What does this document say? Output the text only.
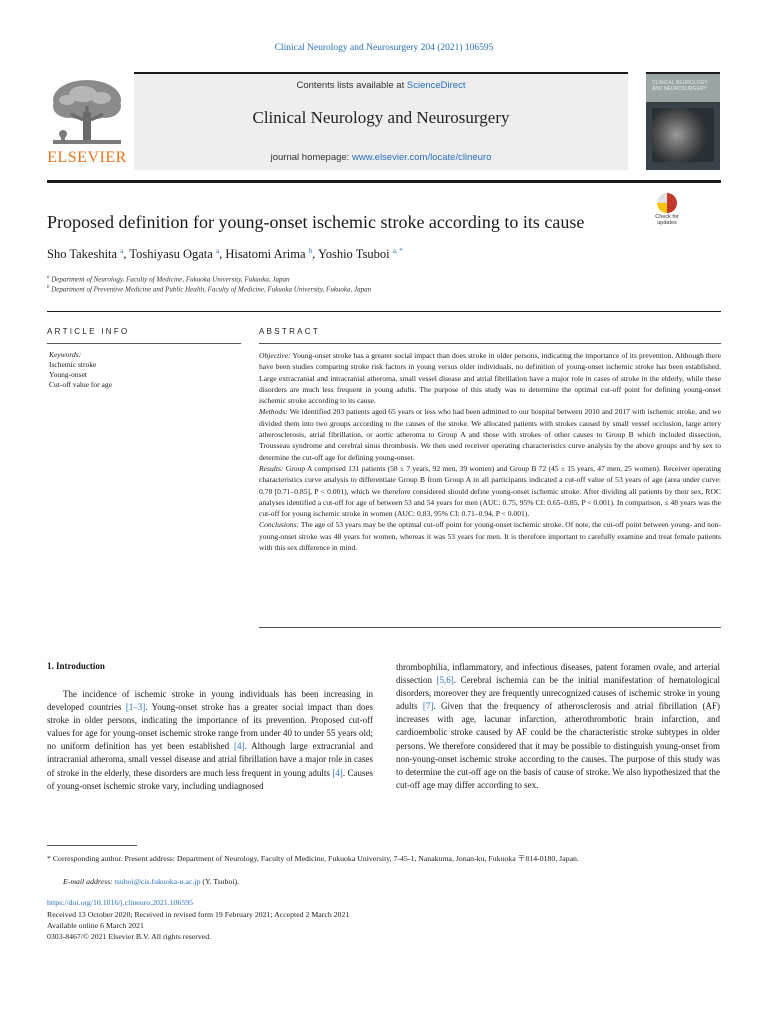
Clinical Neurology and Neurosurgery 204 (2021) 106595
ELSEVIER
Contents lists available at ScienceDirect
Clinical Neurology and Neurosurgery
journal homepage: www.elsevier.com/locate/clineuro
CLINICAL NEUROLOGY AND NEUROSURGERY
Proposed definition for young-onset ischemic stroke according to its cause	Check for updates
Sho Takeshita $^a$, Toshiyasu Ogata $^a$, Hisatomi Arima $^b$, Yoshio Tsuboi $^{a, *}$
$^a$ Department of Neurology, Faculty of Medicine, Fukuoka University, Fukuoka, Japan
$^b$ Department of Preventive Medicine and Public Health, Faculty of Medicine, Fukuoka University, Fukuoka, Japan
ARTICLE INFO
Keywords:
Ischemic stroke
Young-onset
Cut-off value for age
ABSTRACT

Objective: Young-onset stroke has a greater social impact than does stroke in older persons, indicating the importance of its prevention. Although there have been studies comparing stroke risk factors in young versus older individuals, no definition of young-onset ischemic stroke has been established. Large extracranial and intracranial atheroma, small vessel disease and atrial fibrillation have a major role in cases of stroke in the elderly, while these disorders are much less frequent in young adults. The purpose of this study was to determine the optimal cut-off point for defining young-onset ischemic stroke according to its cause.

Methods: We identified 203 patients aged 65 years or less who had been admitted to our hospital between 2010 and 2017 with ischemic stroke, and we divided them into two groups according to the causes of the stroke. We allocated patients with strokes caused by small vessel occlusion, large artery atherosclerosis, atrial fibrillation, or aortic atheroma to Group A and those with strokes of other causes to Group B which included dissection, Trousseau syndrome and cerebral sinus thrombosis. We then used receiver operating characteristics curve analysis by the above groups and by sex to determine the cut-off age for defining young-onset.

Results: Group A comprised 131 patients (58 ± 7 years, 92 men, 39 women) and Group B 72 (45 ± 15 years, 47 men, 25 women). Receiver operating characteristics curve analysis to differentiate Group B from Group A in all participants indicated a cut-off value of 53 years of age (area under curve: 0.78 [0.71–0.85], P < 0.001), which we therefore considered should define young-onset ischemic stroke. After dividing all patients by their sex, ROC analyses identified a cut-off for age of between 53 and 54 years for men (AUC: 0.75, 95% CI: 0.65–0.85, P < 0.001). In comparison, ≤ 48 years was the cut-off for young ischemic stroke in women (AUC: 0.83, 95% CI: 0.71–0.94, P < 0.001).

Conclusions: The age of 53 years may be the optimal cut-off point for young-onset ischemic stroke. Of note, the cut-off point between young- and non-young-onset stroke was 48 years for women, whereas it was 53 years for men. It is therefore important to carefully examine and treat female patients with this sex difference in mind.

1. Introduction

The incidence of ischemic stroke in young individuals has been increasing in developed countries [1–3]. Young-onset stroke has a greater social impact than does stroke in older persons, indicating the importance of its prevention. Proposed cut-off values for age for young-onset ischemic stroke range from under 40 to under 55 years old; no uniform definition has yet been established [4]. Although large extracranial and intracranial atheroma, small vessel disease and atrial fibrillation have a major role in cases of stroke in the elderly, these disorders are much less frequent in young adults [4]. Causes of young-onset ischemic stroke vary, including undiagnosed

thrombophilia, inflammatory, and infectious diseases, patent foramen ovale, and arterial dissection [5,6]. Cerebral ischemia can be the initial manifestation of hematological disorders, moreover they are frequently unrecognized causes of ischemic stroke in young adults [7]. Given that the frequency of atherosclerosis and atrial fibrillation (AF) increases with age, lacunar infarction, atherothrombotic brain infarction, and cardioembolic stroke caused by AF could be the characteristic stroke subtypes in older persons. We therefore considered that it may be possible to distinguish young-onset from non-young-onset ischemic stroke according to the causes. The purpose of this study was to determine the cut-off age on the basis of cause of stroke. We also hypothesized that the cut-off age may differ according to sex.

* Corresponding author. Present address: Department of Neurology, Faculty of Medicine, Fukuoka University, 7-45-1, Nanakuma, Jonan-ku, Fukuoka 〒814-0180, Japan.
E-mail address: tsuboi@cis.fukuoka-u.ac.jp (Y. Tsuboi).
https://doi.org/10.1016/j.clineuro.2021.106595
Received 13 October 2020; Received in revised form 19 February 2021; Accepted 2 March 2021
Available online 6 March 2021
0303-8467/© 2021 Elsevier B.V. All rights reserved.
